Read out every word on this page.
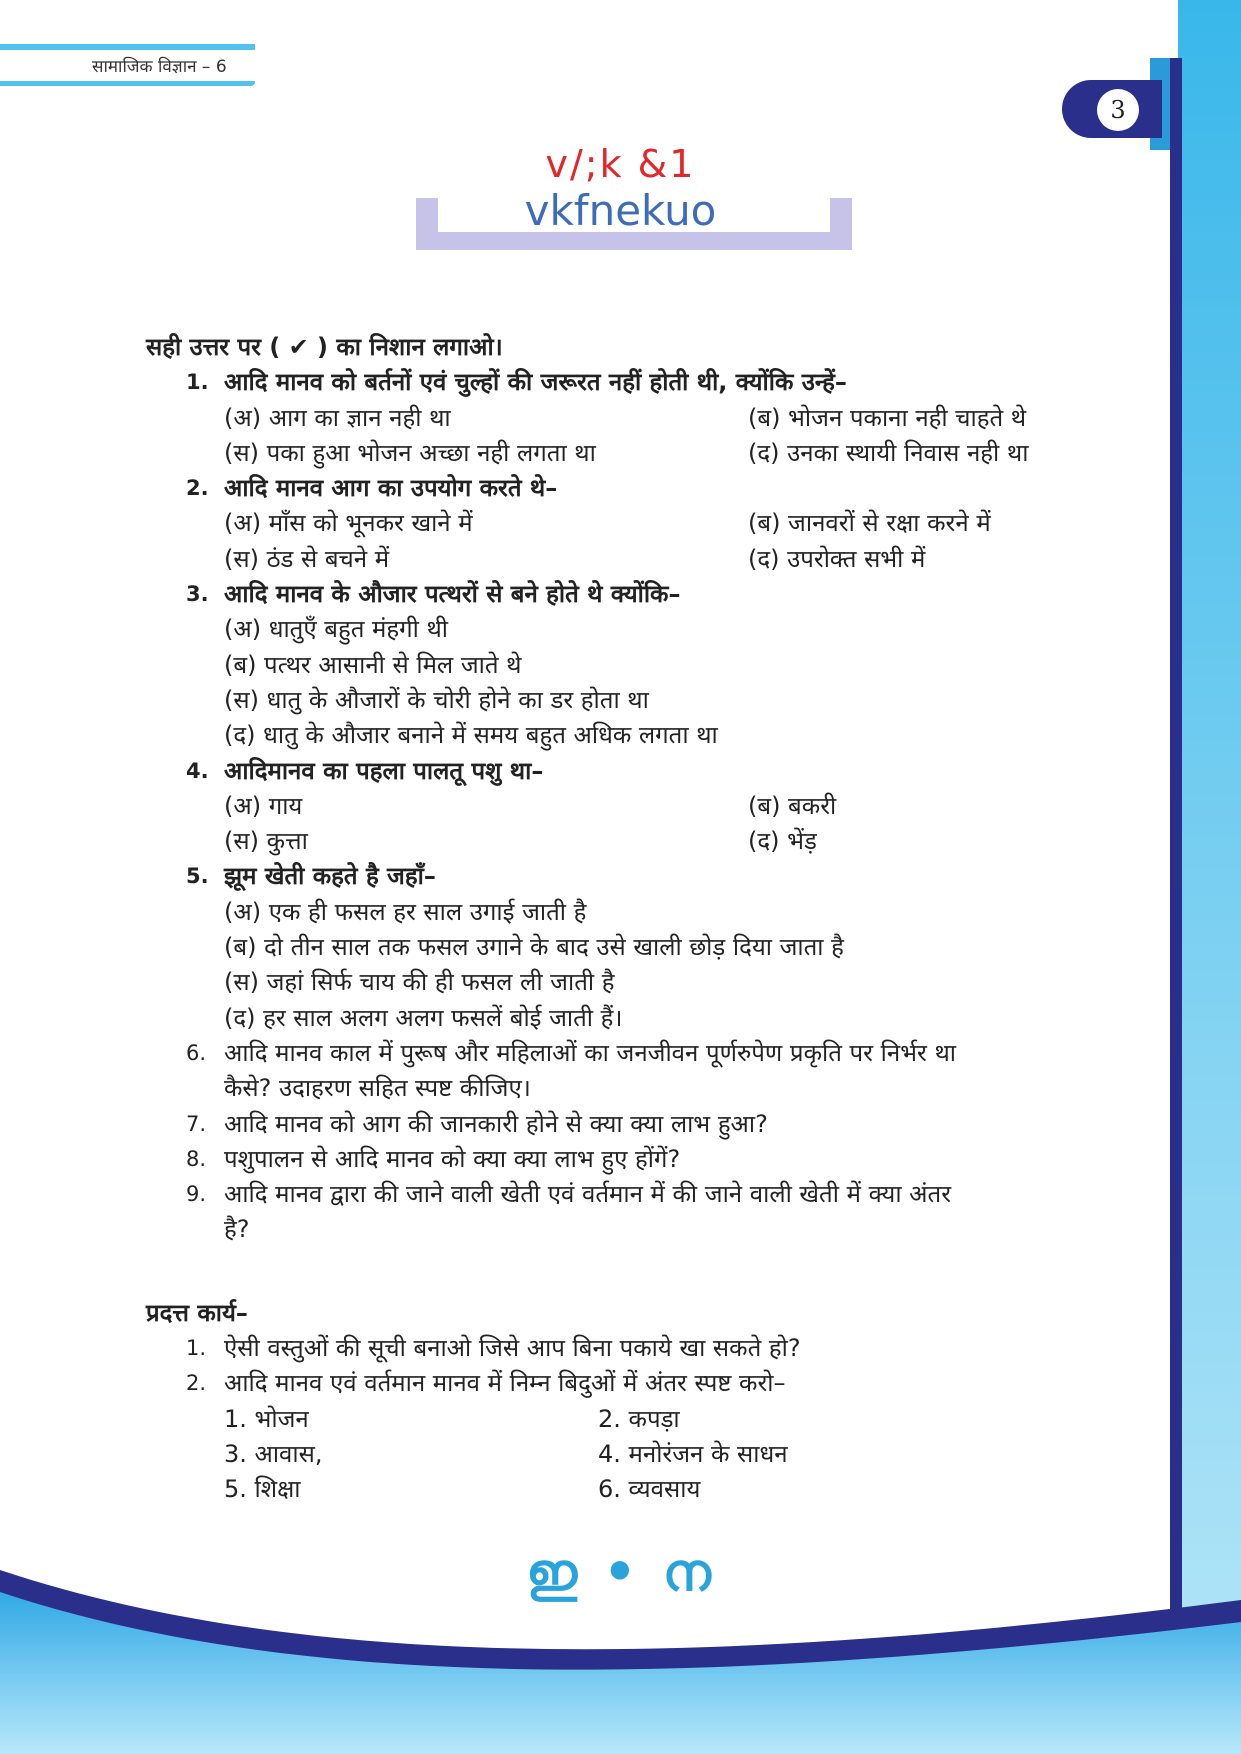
सामाजिक विज्ञान – 6
3
v/;k &1
vkfnekuo
सही उत्तर पर ( ✔ ) का निशान लगाओ।
1. आदि मानव को बर्तनों एवं चुल्हों की जरूरत नहीं होती थी, क्योंकि उन्हें–
(अ) आग का ज्ञान नही था	(ब) भोजन पकाना नही चाहते थे
(स) पका हुआ भोजन अच्छा नही लगता था	(द) उनका स्थायी निवास नही था
2. आदि मानव आग का उपयोग करते थे–
(अ) माँस को भूनकर खाने में	(ब) जानवरों से रक्षा करने में
(स) ठंड से बचने में	(द) उपरोक्त सभी में
3. आदि मानव के औजार पत्थरों से बने होते थे क्योंकि–
(अ) धातुएँ बहुत मंहगी थी
(ब) पत्थर आसानी से मिल जाते थे
(स) धातु के औजारों के चोरी होने का डर होता था
(द) धातु के औजार बनाने में समय बहुत अधिक लगता था
4. आदिमानव का पहला पालतू पशु था–
(अ) गाय	(ब) बकरी
(स) कुत्ता	(द) भेंड़
5. झूम खेती कहते है जहाँ–
(अ) एक ही फसल हर साल उगाई जाती है
(ब) दो तीन साल तक फसल उगाने के बाद उसे खाली छोड़ दिया जाता है
(स) जहां सिर्फ चाय की ही फसल ली जाती है
(द) हर साल अलग अलग फसलें बोई जाती हैं।
6. आदि मानव काल में पुरूष और महिलाओं का जनजीवन पूर्णरुपेण प्रकृति पर निर्भर था
कैसे? उदाहरण सहित स्पष्ट कीजिए।
7. आदि मानव को आग की जानकारी होने से क्या क्या लाभ हुआ?
8. पशुपालन से आदि मानव को क्या क्या लाभ हुए होंगें?
9. आदि मानव द्वारा की जाने वाली खेती एवं वर्तमान में की जाने वाली खेती में क्या अंतर
है?
प्रदत्त कार्य–
1. ऐसी वस्तुओं की सूची बनाओ जिसे आप बिना पकाये खा सकते हो?
2. आदि मानव एवं वर्तमान मानव में निम्न बिदुओं में अंतर स्पष्ट करो–
1. भोजन	2. कपड़ा
3. आवास,	4. मनोरंजन के साधन
5. शिक्षा	6. व्यवसाय
ഇ • ന
